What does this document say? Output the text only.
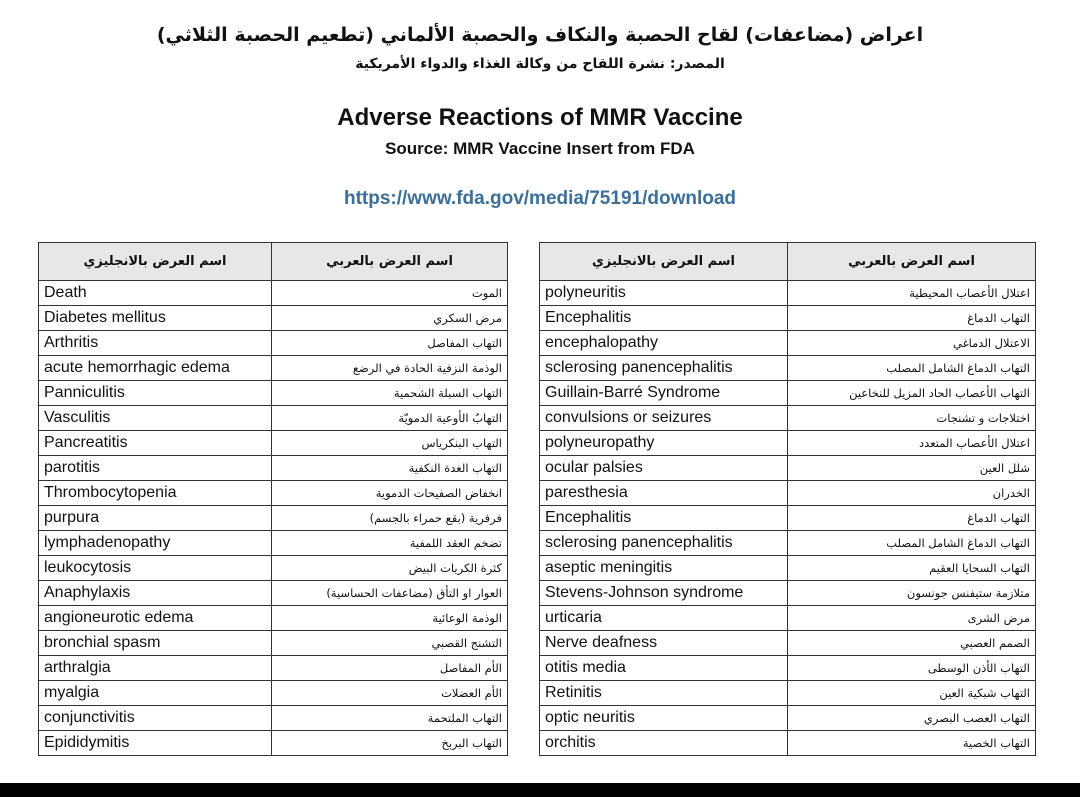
اعراض (مضاعفات) لقاح الحصبة والنكاف والحصبة الألماني (تطعيم الحصبة الثلاثي)
المصدر: نشرة اللقاح من وكالة الغذاء والدواء الأمريكية
Adverse Reactions of MMR Vaccine
Source: MMR Vaccine Insert from FDA
https://www.fda.gov/media/75191/download
اسم العرض بالانجليزي	اسم العرض بالعربي
Death	الموت
Diabetes mellitus	مرض السكري
Arthritis	التهاب المفاصل
acute hemorrhagic edema	الوذمة النزفية الحادة في الرضع
Panniculitis	التهاب السبلة الشحمية
Vasculitis	التهابُ الأوعية الدمويّة
Pancreatitis	التهاب البنكرياس
parotitis	التهاب الغدة النكفية
Thrombocytopenia	انخفاض الصفيحات الدموية
purpura	فرفرية (بقع حمراء بالجسم)
lymphadenopathy	تضخم العقد اللمفية
leukocytosis	كثرة الكريات البيض
Anaphylaxis	العوار او التأق (مضاعفات الحساسية)
angioneurotic edema	الوذمة الوعائية
bronchial spasm	التشنج القصبي
arthralgia	الأم المفاصل
myalgia	الأم العضلات
conjunctivitis	التهاب الملتحمة
Epididymitis	التهاب البربخ
اسم العرض بالانجليزي	اسم العرض بالعربي
polyneuritis	اعتلال الأعصاب المحيطية
Encephalitis	التهاب الدماغ
encephalopathy	الاعتلال الدماغي
sclerosing panencephalitis	التهاب الدماغ الشامل المصلب
Guillain-Barré Syndrome	التهاب الأعصاب الحاد المزيل للنخاعين
convulsions or seizures	اختلاجات و تشنجات
polyneuropathy	اعتلال الأعصاب المتعدد
ocular palsies	شلل العين
paresthesia	الخدران
Encephalitis	التهاب الدماغ
sclerosing panencephalitis	التهاب الدماغ الشامل المصلب
aseptic meningitis	التهاب السحايا العقيم
Stevens-Johnson syndrome	متلازمة ستيفنس جونسون
urticaria	مرض الشرى
Nerve deafness	الصمم العصبي
otitis media	التهاب الأذن الوسطى
Retinitis	التهاب شبكية العين
optic neuritis	التهاب العصب البصري
orchitis	التهاب الخصية
